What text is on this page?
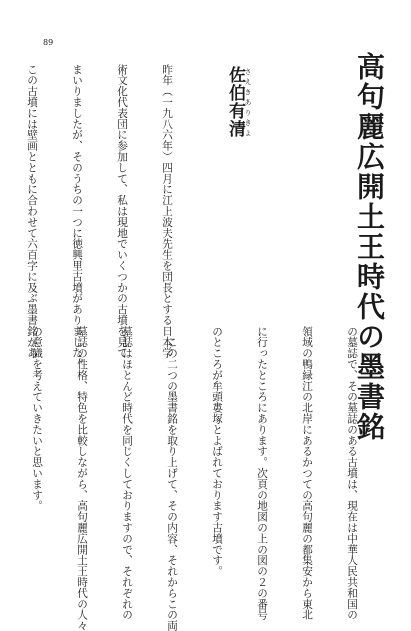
89
高句麗広開土王時代の墨書銘
佐伯有清 さえきありきよ

昨年（一九八六年）四月に江上波夫先生を団長とする日本学

術文化代表団に参加して、私は現地でいくつかの古墳を見て

まいりましたが、そのうちの一つに徳興里古墳がありました。

この古墳には壁画とともに合わせて六百字に及ぶ墨書銘があ

の墓誌で、その墓誌のある古墳は、現在は中華人民共和国の

領域の鴨緑江の北岸にあるかつての高句麗の都集安から東北

に行ったところにあります。次頁の地図の上の図の２の番号

のところが牟頭婁塚とよばれております古墳です。

　この二つの墨書銘を取り上げて、その内容、それからこの両

墓誌はほとんど時代を同じくしておりますので、それぞれの

墓誌の性格、特色を比較しながら、高句麗広開土王時代の人々

の意識を考えていきたいと思います。
